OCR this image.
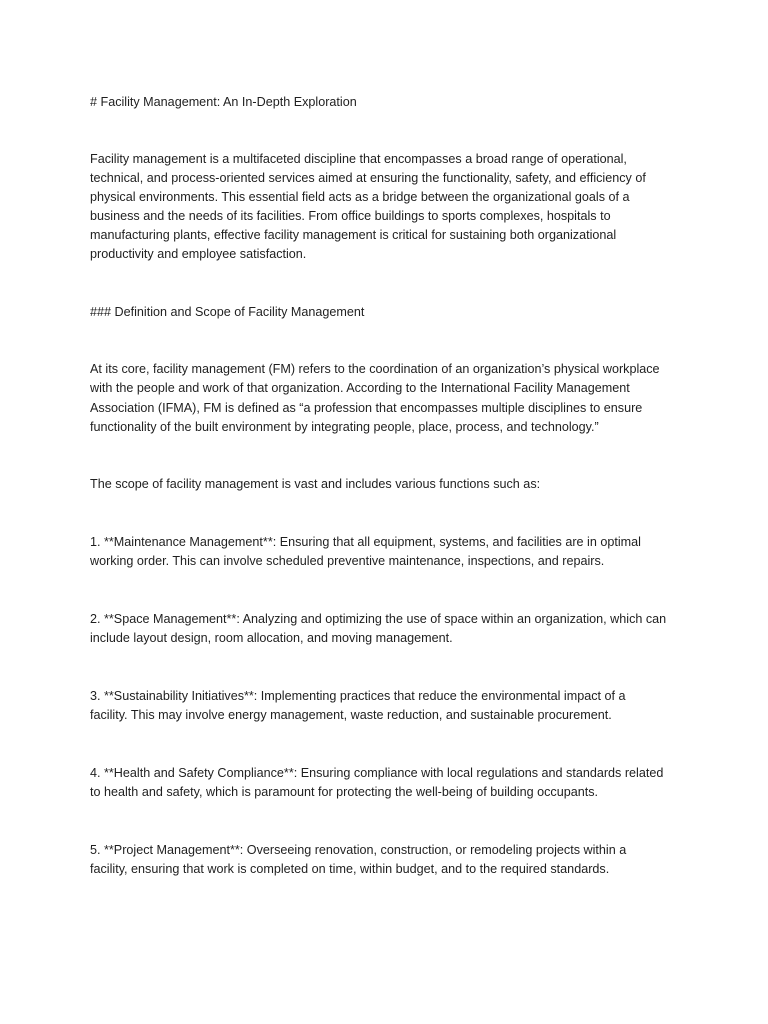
# Facility Management: An In-Depth Exploration

Facility management is a multifaceted discipline that encompasses a broad range of operational,

technical, and process-oriented services aimed at ensuring the functionality, safety, and efficiency of

physical environments. This essential field acts as a bridge between the organizational goals of a

business and the needs of its facilities. From office buildings to sports complexes, hospitals to

manufacturing plants, effective facility management is critical for sustaining both organizational

productivity and employee satisfaction.

### Definition and Scope of Facility Management

At its core, facility management (FM) refers to the coordination of an organization’s physical workplace

with the people and work of that organization. According to the International Facility Management

Association (IFMA), FM is defined as “a profession that encompasses multiple disciplines to ensure

functionality of the built environment by integrating people, place, process, and technology.”

The scope of facility management is vast and includes various functions such as:

1. **Maintenance Management**: Ensuring that all equipment, systems, and facilities are in optimal

working order. This can involve scheduled preventive maintenance, inspections, and repairs.

2. **Space Management**: Analyzing and optimizing the use of space within an organization, which can

include layout design, room allocation, and moving management.

3. **Sustainability Initiatives**: Implementing practices that reduce the environmental impact of a

facility. This may involve energy management, waste reduction, and sustainable procurement.

4. **Health and Safety Compliance**: Ensuring compliance with local regulations and standards related

to health and safety, which is paramount for protecting the well-being of building occupants.

5. **Project Management**: Overseeing renovation, construction, or remodeling projects within a

facility, ensuring that work is completed on time, within budget, and to the required standards.
